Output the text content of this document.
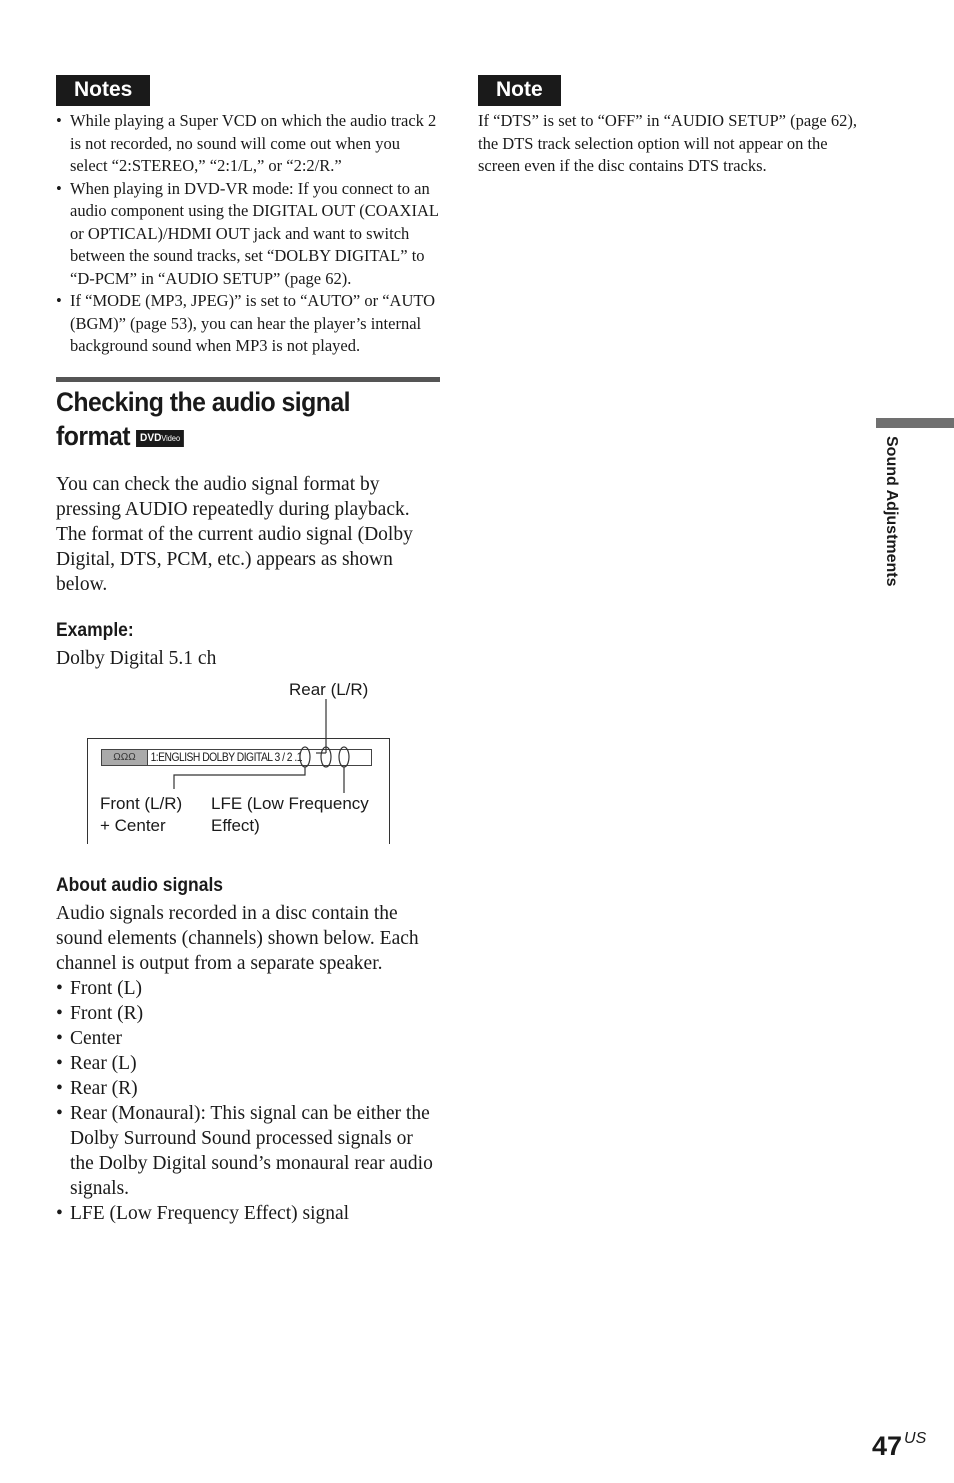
Notes
• While playing a Super VCD on which the audio track 2 is not recorded, no sound will come out when you select “2:STEREO,” “2:1/L,” or “2:2/R.”
• When playing in DVD-VR mode: If you connect to an audio component using the DIGITAL OUT (COAXIAL or OPTICAL)/HDMI OUT jack and want to switch between the sound tracks, set “DOLBY DIGITAL” to “D-PCM” in “AUDIO SETUP” (page 62).
• If “MODE (MP3, JPEG)” is set to “AUTO” or “AUTO (BGM)” (page 53), you can hear the player’s internal background sound when MP3 is not played.
Checking the audio signal
format DVDVideo

You can check the audio signal format by pressing AUDIO repeatedly during playback. The format of the current audio signal (Dolby Digital, DTS, PCM, etc.) appears as shown below.

Example:
Dolby Digital 5.1 ch
Rear (L/R)
ΩΩΩ 1:ENGLISH DOLBY DIGITAL 3 / 2 .1
Front (L/R)
+ Center
LFE (Low Frequency
Effect)
About audio signals

Audio signals recorded in a disc contain the sound elements (channels) shown below. Each channel is output from a separate speaker.

• Front (L)
• Front (R)
• Center
• Rear (L)
• Rear (R)
• Rear (Monaural): This signal can be either the Dolby Surround Sound processed signals or the Dolby Digital sound’s monaural rear audio signals.
• LFE (Low Frequency Effect) signal
Note

If “DTS” is set to “OFF” in “AUDIO SETUP” (page 62), the DTS track selection option will not appear on the screen even if the disc contains DTS tracks.

Sound Adjustments
47 $^{US}$
